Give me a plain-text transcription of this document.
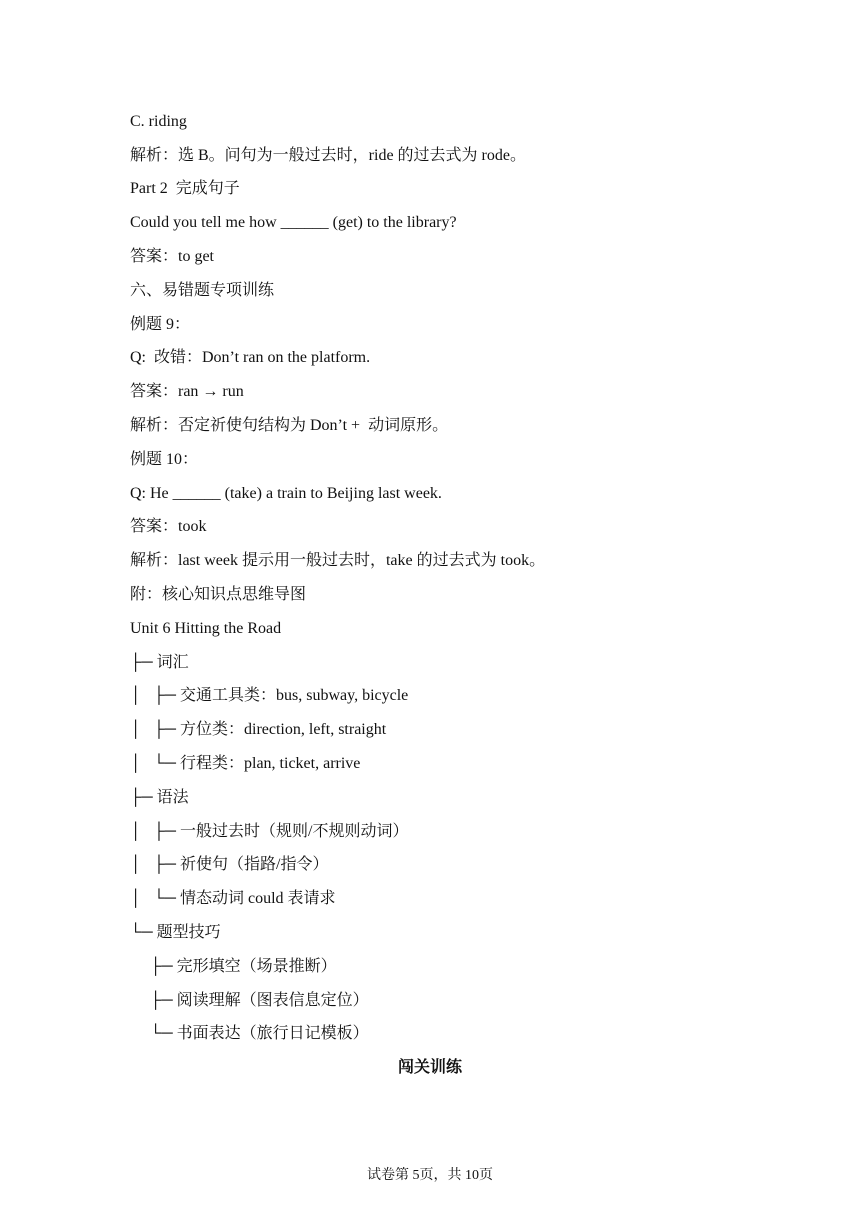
C. riding
解析：选 B。问句为一般过去时，ride 的过去式为 rode。
Part 2  完成句子
Could you tell me how ______ (get) to the library?
答案：to get
六、易错题专项训练
例题 9：
Q:  改错：Don’t ran on the platform.
答案：ran → run
解析：否定祈使句结构为 Don’t +  动词原形。
例题 10：
Q: He ______ (take) a train to Beijing last week.
答案：took
解析：last week 提示用一般过去时，take 的过去式为 took。
附：核心知识点思维导图
Unit 6 Hitting the Road
├─ 词汇
│   ├─ 交通工具类：bus, subway, bicycle
│   ├─ 方位类：direction, left, straight
│   └─ 行程类：plan, ticket, arrive
├─ 语法
│   ├─ 一般过去时（规则/不规则动词）
│   ├─ 祈使句（指路/指令）
│   └─ 情态动词 could 表请求
└─ 题型技巧
├─ 完形填空（场景推断）
├─ 阅读理解（图表信息定位）
└─ 书面表达（旅行日记模板）
闯关训练
试卷第 5页，共 10页
